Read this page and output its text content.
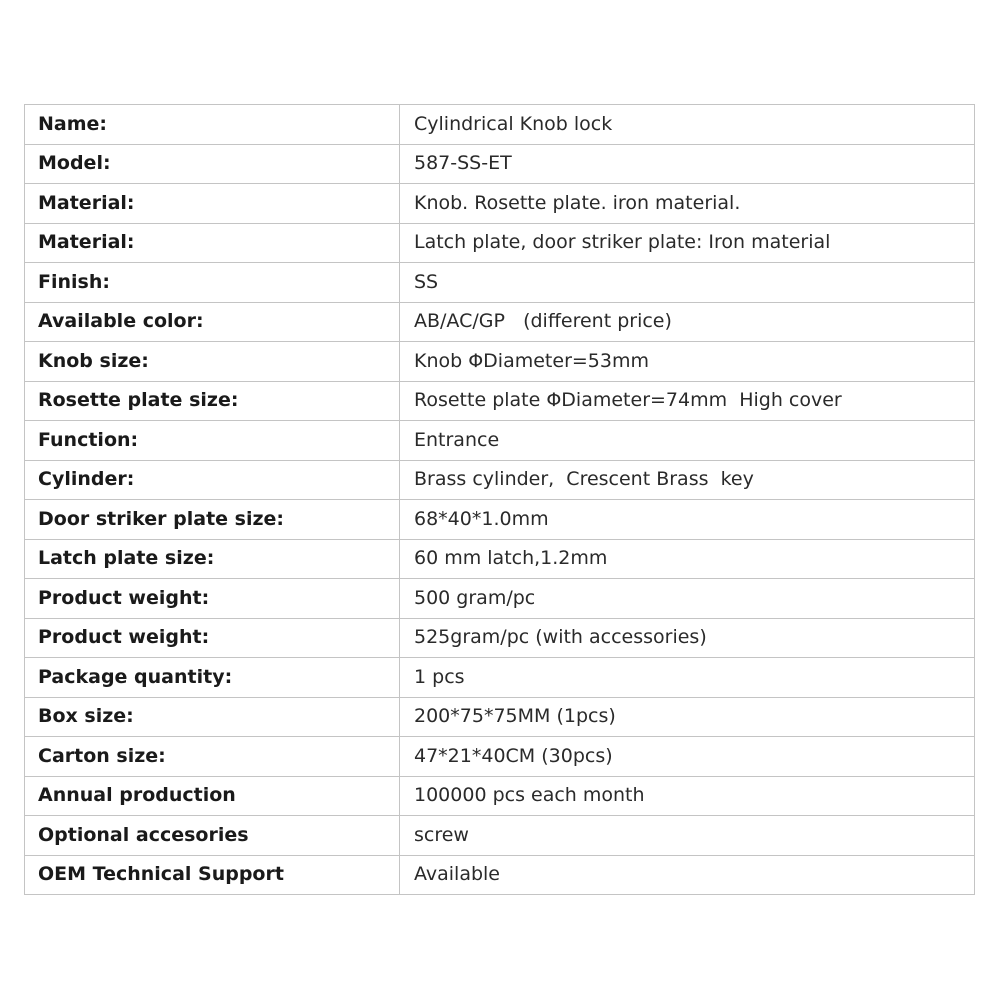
Name:	Cylindrical Knob lock
Model:	587-SS-ET
Material:	Knob. Rosette plate. iron material.
Material:	Latch plate, door striker plate: Iron material
Finish:	SS
Available color:	AB/AC/GP   (different price)
Knob size:	Knob ΦDiameter=53mm
Rosette plate size:	Rosette plate ΦDiameter=74mm  High cover
Function:	Entrance
Cylinder:	Brass cylinder,  Crescent Brass  key
Door striker plate size:	68*40*1.0mm
Latch plate size:	60 mm latch,1.2mm
Product weight:	500 gram/pc
Product weight:	525gram/pc (with accessories)
Package quantity:	1 pcs
Box size:	200*75*75MM (1pcs)
Carton size:	47*21*40CM (30pcs)
Annual production	100000 pcs each month
Optional accesories	screw
OEM Technical Support	Available
